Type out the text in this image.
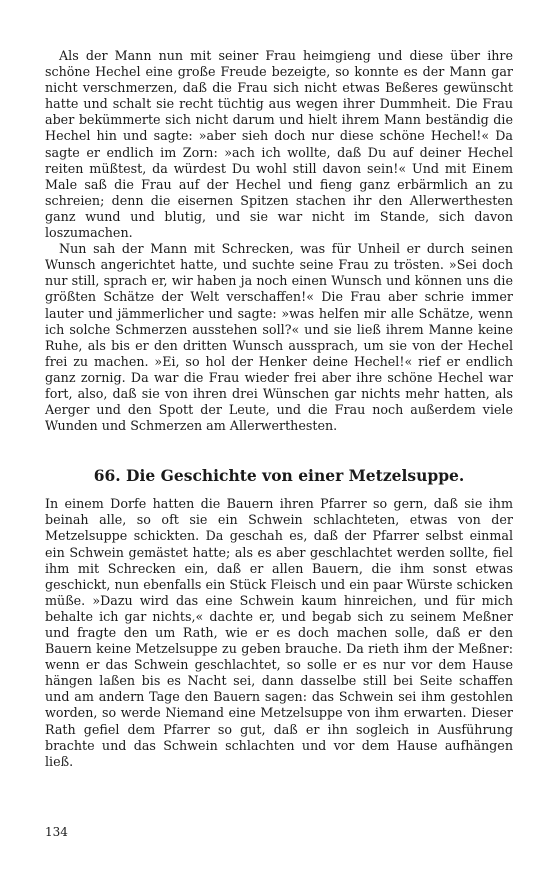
Als der Mann nun mit seiner Frau heimgieng und diese über ihre schöne Hechel eine große Freude bezeigte, so konnte es der Mann gar nicht verschmerzen, daß die Frau sich nicht etwas Beßeres gewünscht hatte und schalt sie recht tüchtig aus wegen ihrer Dummheit. Die Frau aber bekümmerte sich nicht darum und hielt ihrem Mann beständig die Hechel hin und sagte: »aber sieh doch nur diese schöne Hechel!« Da sagte er endlich im Zorn: »ach ich wollte, daß Du auf deiner Hechel reiten müßtest, da würdest Du wohl still davon sein!« Und mit Einem Male saß die Frau auf der Hechel und fieng ganz erbärmlich an zu schreien; denn die eisernen Spitzen stachen ihr den Allerwerthesten ganz wund und blutig, und sie war nicht im Stande, sich davon loszumachen.

Nun sah der Mann mit Schrecken, was für Unheil er durch seinen Wunsch angerichtet hatte, und suchte seine Frau zu trösten. »Sei doch nur still, sprach er, wir haben ja noch einen Wunsch und können uns die größten Schätze der Welt verschaffen!« Die Frau aber schrie immer lauter und jämmerlicher und sagte: »was helfen mir alle Schätze, wenn ich solche Schmerzen ausstehen soll?« und sie ließ ihrem Manne keine Ruhe, als bis er den dritten Wunsch aussprach, um sie von der Hechel frei zu machen. »Ei, so hol der Henker deine Hechel!« rief er endlich ganz zornig. Da war die Frau wieder frei aber ihre schöne Hechel war fort, also, daß sie von ihren drei Wünschen gar nichts mehr hatten, als Aerger und den Spott der Leute, und die Frau noch außerdem viele Wunden und Schmerzen am Allerwerthesten.

66. Die Geschichte von einer Metzelsuppe.

In einem Dorfe hatten die Bauern ihren Pfarrer so gern, daß sie ihm beinah alle, so oft sie ein Schwein schlachteten, etwas von der Metzelsuppe schickten. Da geschah es, daß der Pfarrer selbst einmal ein Schwein gemästet hatte; als es aber geschlachtet werden sollte, fiel ihm mit Schrecken ein, daß er allen Bauern, die ihm sonst etwas geschickt, nun ebenfalls ein Stück Fleisch und ein paar Würste schicken müße. »Dazu wird das eine Schwein kaum hinreichen, und für mich behalte ich gar nichts,« dachte er, und begab sich zu seinem Meßner und fragte den um Rath, wie er es doch machen solle, daß er den Bauern keine Metzelsuppe zu geben brauche. Da rieth ihm der Meßner: wenn er das Schwein geschlachtet, so solle er es nur vor dem Hause hängen laßen bis es Nacht sei, dann dasselbe still bei Seite schaffen und am andern Tage den Bauern sagen: das Schwein sei ihm gestohlen worden, so werde Niemand eine Metzelsuppe von ihm erwarten. Dieser Rath gefiel dem Pfarrer so gut, daß er ihn sogleich in Ausführung brachte und das Schwein schlachten und vor dem Hause aufhängen ließ.

134
